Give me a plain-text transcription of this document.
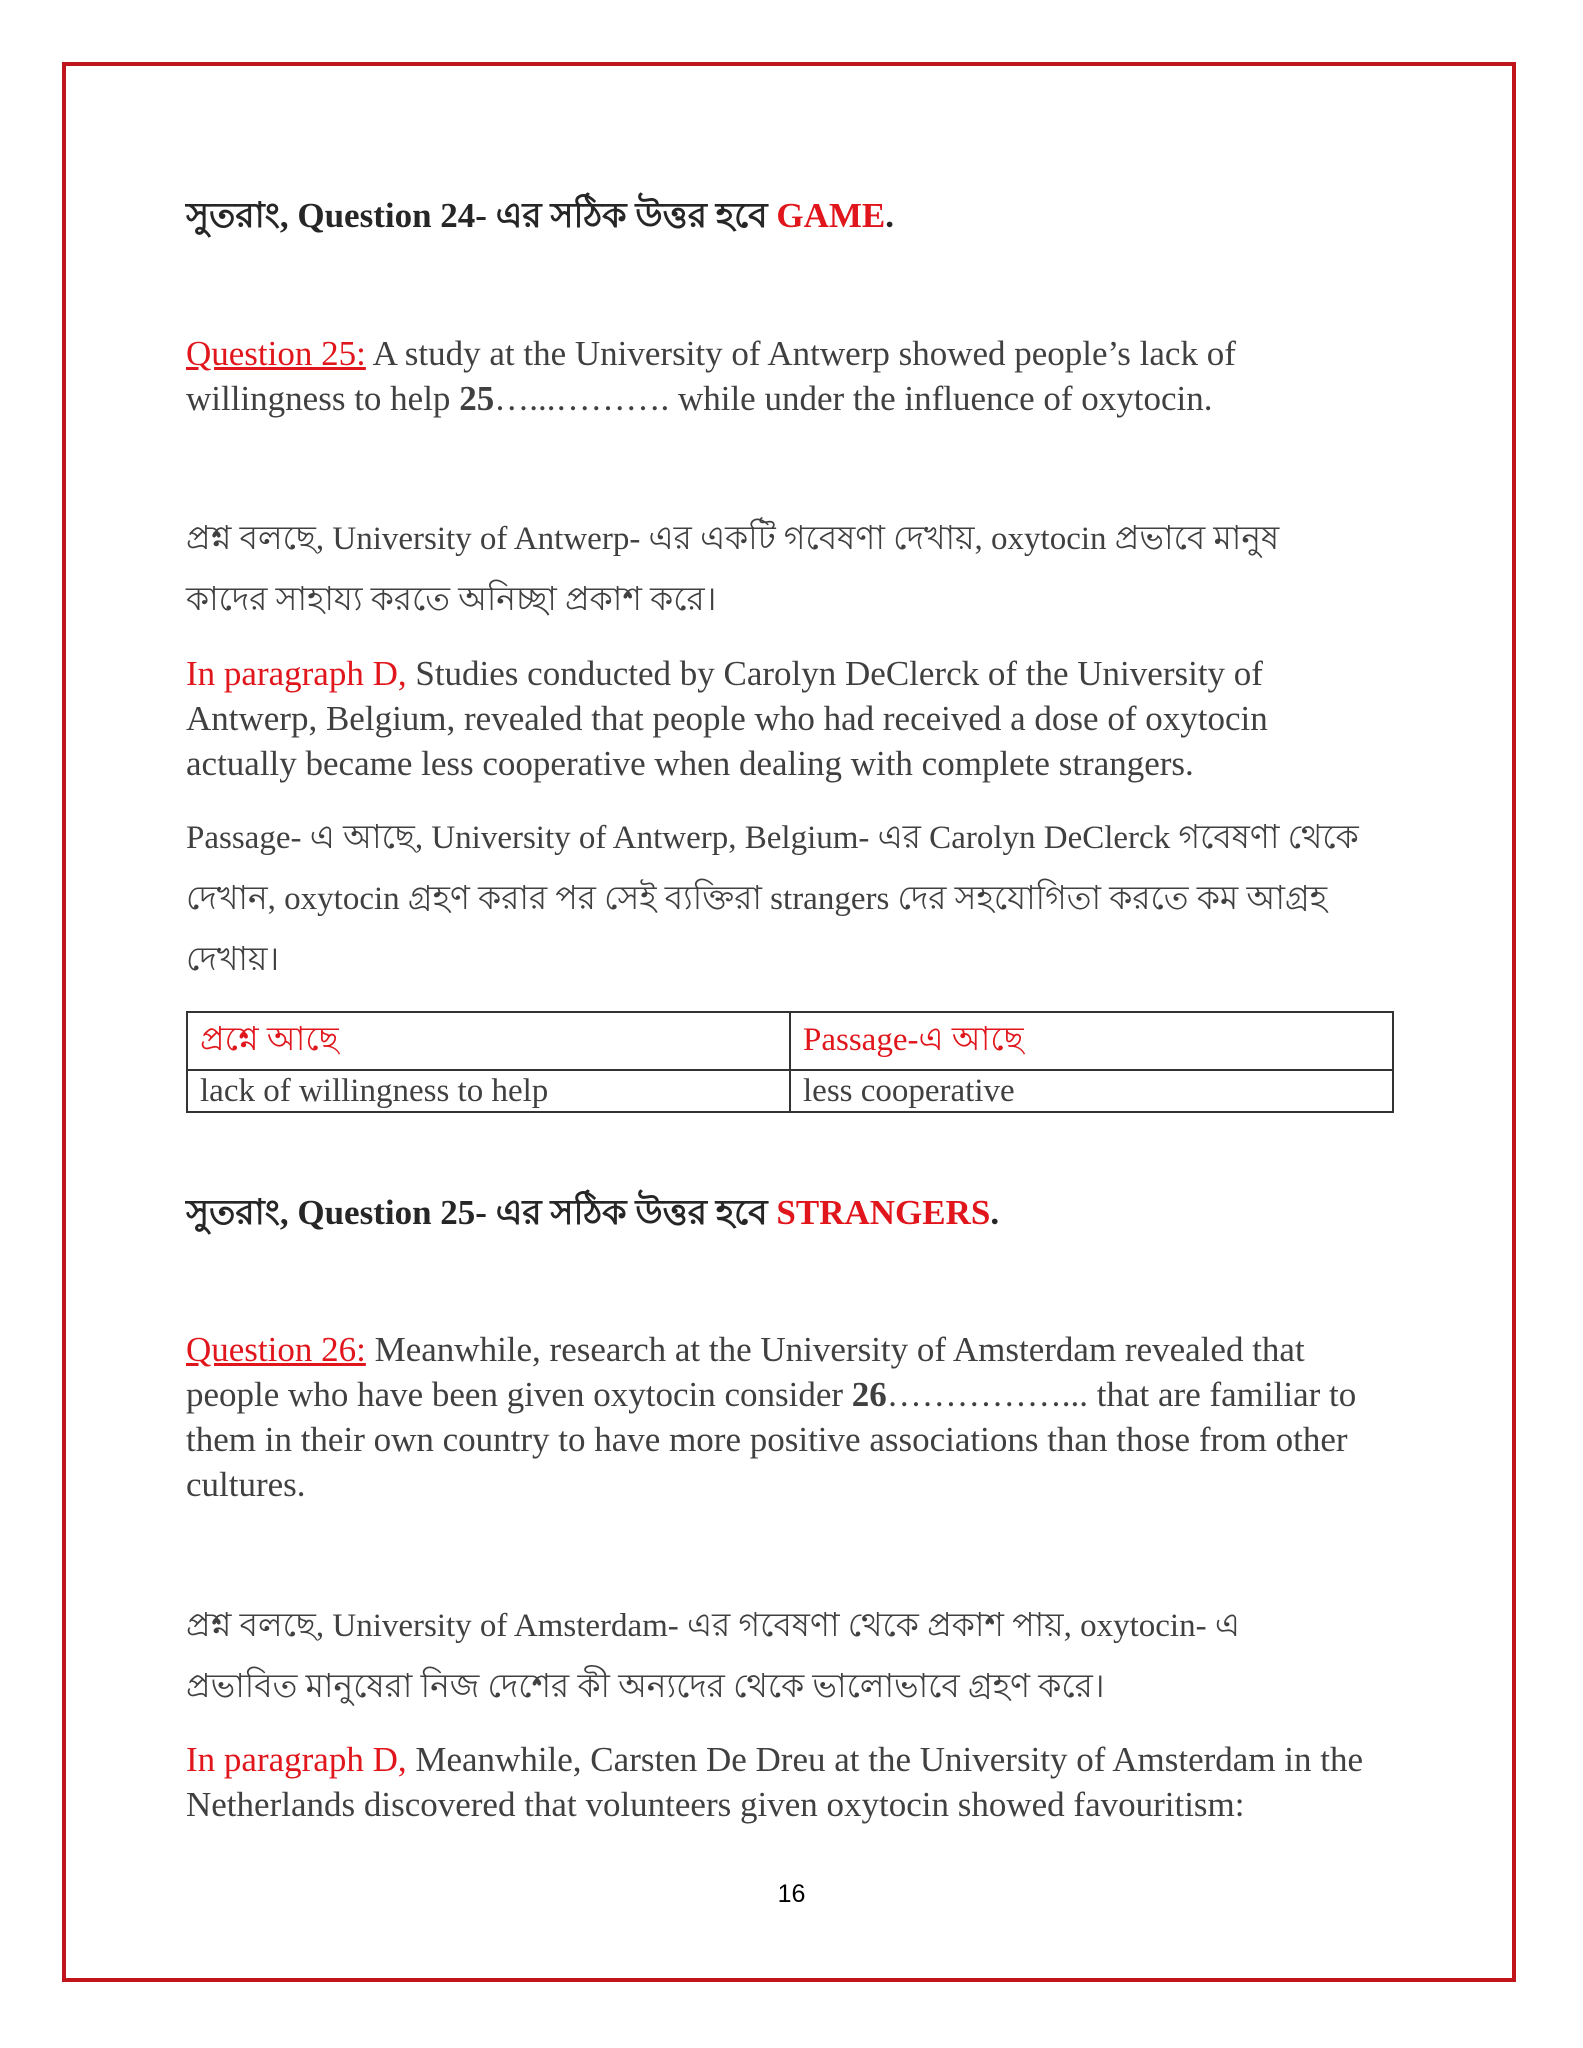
সুতরাং, Question 24- এর সঠিক উত্তর হবে GAME.
Question 25: A study at the University of Antwerp showed people’s lack of willingness to help 25…...………. while under the influence of oxytocin.
প্রশ্ন বলছে, University of Antwerp- এর একটি গবেষণা দেখায়, oxytocin প্রভাবে মানুষ কাদের সাহায্য করতে অনিচ্ছা প্রকাশ করে।
In paragraph D, Studies conducted by Carolyn DeClerck of the University of Antwerp, Belgium, revealed that people who had received a dose of oxytocin actually became less cooperative when dealing with complete strangers.
Passage- এ আছে, University of Antwerp, Belgium- এর Carolyn DeClerck গবেষণা থেকে দেখান, oxytocin গ্রহণ করার পর সেই ব্যক্তিরা strangers দের সহযোগিতা করতে কম আগ্রহ দেখায়।
প্রশ্নে আছে	Passage-এ আছে
lack of willingness to help	less cooperative
সুতরাং, Question 25- এর সঠিক উত্তর হবে STRANGERS.
Question 26: Meanwhile, research at the University of Amsterdam revealed that people who have been given oxytocin consider 26……………... that are familiar to them in their own country to have more positive associations than those from other cultures.
প্রশ্ন বলছে, University of Amsterdam- এর গবেষণা থেকে প্রকাশ পায়, oxytocin- এ প্রভাবিত মানুষেরা নিজ দেশের কী অন্যদের থেকে ভালোভাবে গ্রহণ করে।
In paragraph D, Meanwhile, Carsten De Dreu at the University of Amsterdam in the Netherlands discovered that volunteers given oxytocin showed favouritism:
16
